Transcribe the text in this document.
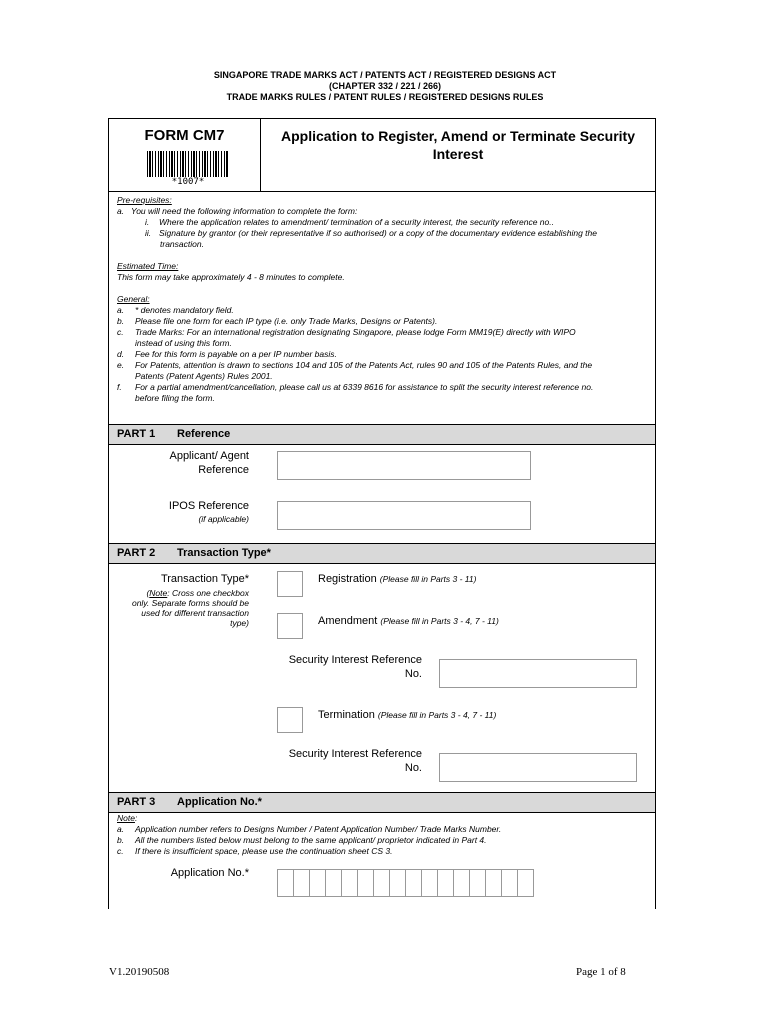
SINGAPORE TRADE MARKS ACT / PATENTS ACT / REGISTERED DESIGNS ACT
(CHAPTER 332 / 221 / 266)
TRADE MARKS RULES / PATENT RULES / REGISTERED DESIGNS RULES
FORM CM7
*1007*
Application to Register, Amend or Terminate Security Interest
Pre-requisites:
a. You will need the following information to complete the form:
i. Where the application relates to amendment/ termination of a security interest, the security reference no..
ii. Signature by grantor (or their representative if so authorised) or a copy of the documentary evidence establishing the
transaction.
Estimated Time:
This form may take approximately 4 - 8 minutes to complete.
General:
a. * denotes mandatory field.
b. Please file one form for each IP type (i.e. only Trade Marks, Designs or Patents).
c. Trade Marks: For an international registration designating Singapore, please lodge Form MM19(E) directly with WIPO
instead of using this form.
d. Fee for this form is payable on a per IP number basis.
e. For Patents, attention is drawn to sections 104 and 105 of the Patents Act, rules 90 and 105 of the Patents Rules, and the
Patents (Patent Agents) Rules 2001.
f. For a partial amendment/cancellation, please call us at 6339 8616 for assistance to split the security interest reference no.
before filing the form.
PART 1 Reference
Applicant/ Agent
Reference
IPOS Reference
(if applicable)
PART 2 Transaction Type*
Transaction Type*
(Note: Cross one checkbox
only. Separate forms should be
used for different transaction
type)
Registration (Please fill in Parts 3 - 11)
Amendment (Please fill in Parts 3 - 4, 7 - 11)
Security Interest Reference
No.
Termination (Please fill in Parts 3 - 4, 7 - 11)
Security Interest Reference
No.
PART 3 Application No.*
Note:
a. Application number refers to Designs Number / Patent Application Number/ Trade Marks Number.
b. All the numbers listed below must belong to the same applicant/ proprietor indicated in Part 4.
c. If there is insufficient space, please use the continuation sheet CS 3.
Application No.*
V1.20190508	Page 1 of 8
